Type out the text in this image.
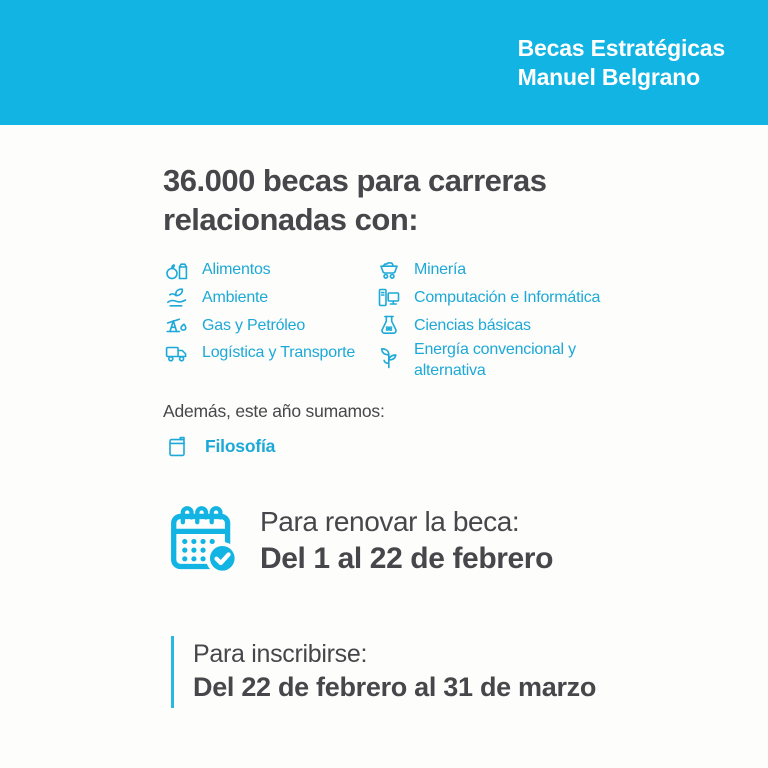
Becas Estratégicas
Manuel Belgrano
36.000 becas para carreras
relacionadas con:
Alimentos
Ambiente
Gas y Petróleo
Logística y Transporte
Minería
Computación e Informática
Ciencias básicas
Energía convencional y alternativa
Además, este año sumamos:
Filosofía
Para renovar la beca:
Del 1 al 22 de febrero
Para inscribirse:
Del 22 de febrero al 31 de marzo
